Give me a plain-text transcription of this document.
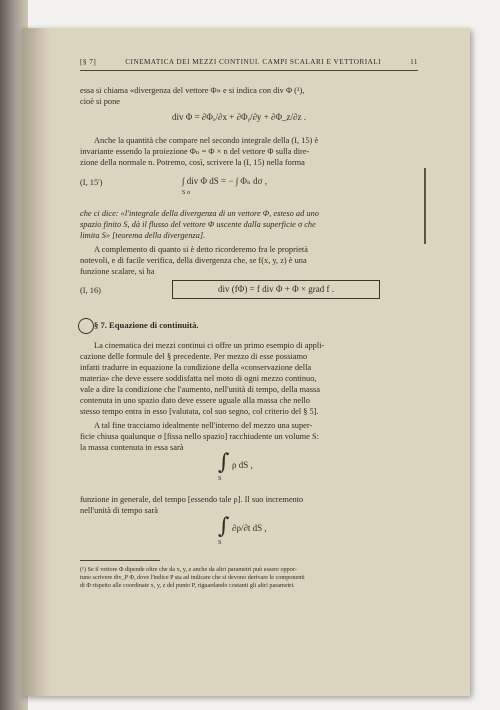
[§ 7]	CINEMATICA DEI MEZZI CONTINUI. CAMPI SCALARI E VETTORIALI	11
essa si chiama «divergenza del vettore Φ» e si indica con div Φ (¹),
cioè si pone
div Φ = ∂Φₓ/∂x + ∂Φᵧ/∂y + ∂Φ_z/∂z .
Anche la quantità che compare nel secondo integrale della (I, 15) è
invariante essendo la proiezione Φₙ = Φ × n del vettore Φ sulla dire-
zione della normale n. Potremo, così, scrivere la (I, 15) nella forma
(I, 15')	∫ div Φ dS = − ∫ Φₙ dσ ,
S σ
che ci dice: «l'integrale della divergenza di un vettore Φ, esteso ad uno
spazio finito S, dà il flusso del vettore Φ uscente dalla superficie σ che
limita S» [teorema della divergenza].
A complemento di quanto si è detto ricorderemo fra le proprietà
notevoli, e di facile verifica, della divergenza che, se f(x, y, z) è una
funzione scalare, si ha
(I, 16)	div (fΦ) = f div Φ + Φ × grad f .
§ 7. Equazione di continuità.
La cinematica dei mezzi continui ci offre un primo esempio di appli-
cazione delle formule del § precedente. Per mezzo di esse possiamo
infatti tradurre in equazione la condizione della «conservazione della
materia» che deve essere soddisfatta nel moto di ogni mezzo continuo,
vale a dire la condizione che l'aumento, nell'unità di tempo, della massa
contenuta in uno spazio dato deve essere uguale alla massa che nello
stesso tempo entra in esso [valutata, col suo segno, col criterio del § 5].
A tal fine tracciamo idealmente nell'interno del mezzo una super-
ficie chiusa qualunque σ [fissa nello spazio] racchiudente un volume S:
la massa contenuta in essa sarà
∫ ρ dS ,
S
funzione in generale, del tempo [essendo tale ρ]. Il suo incremento
nell'unità di tempo sarà
∫ ∂ρ/∂t dS ,
S
(¹) Se il vettore Φ dipende oltre che da x, y, z anche da altri parametri può essere oppor-
tuno scrivere div_P Φ, dove l'indice P sta ad indicare che si devono derivare le componenti
di Φ rispetto alle coordinate x, y, z del punto P, riguardando costanti gli altri parametri.
